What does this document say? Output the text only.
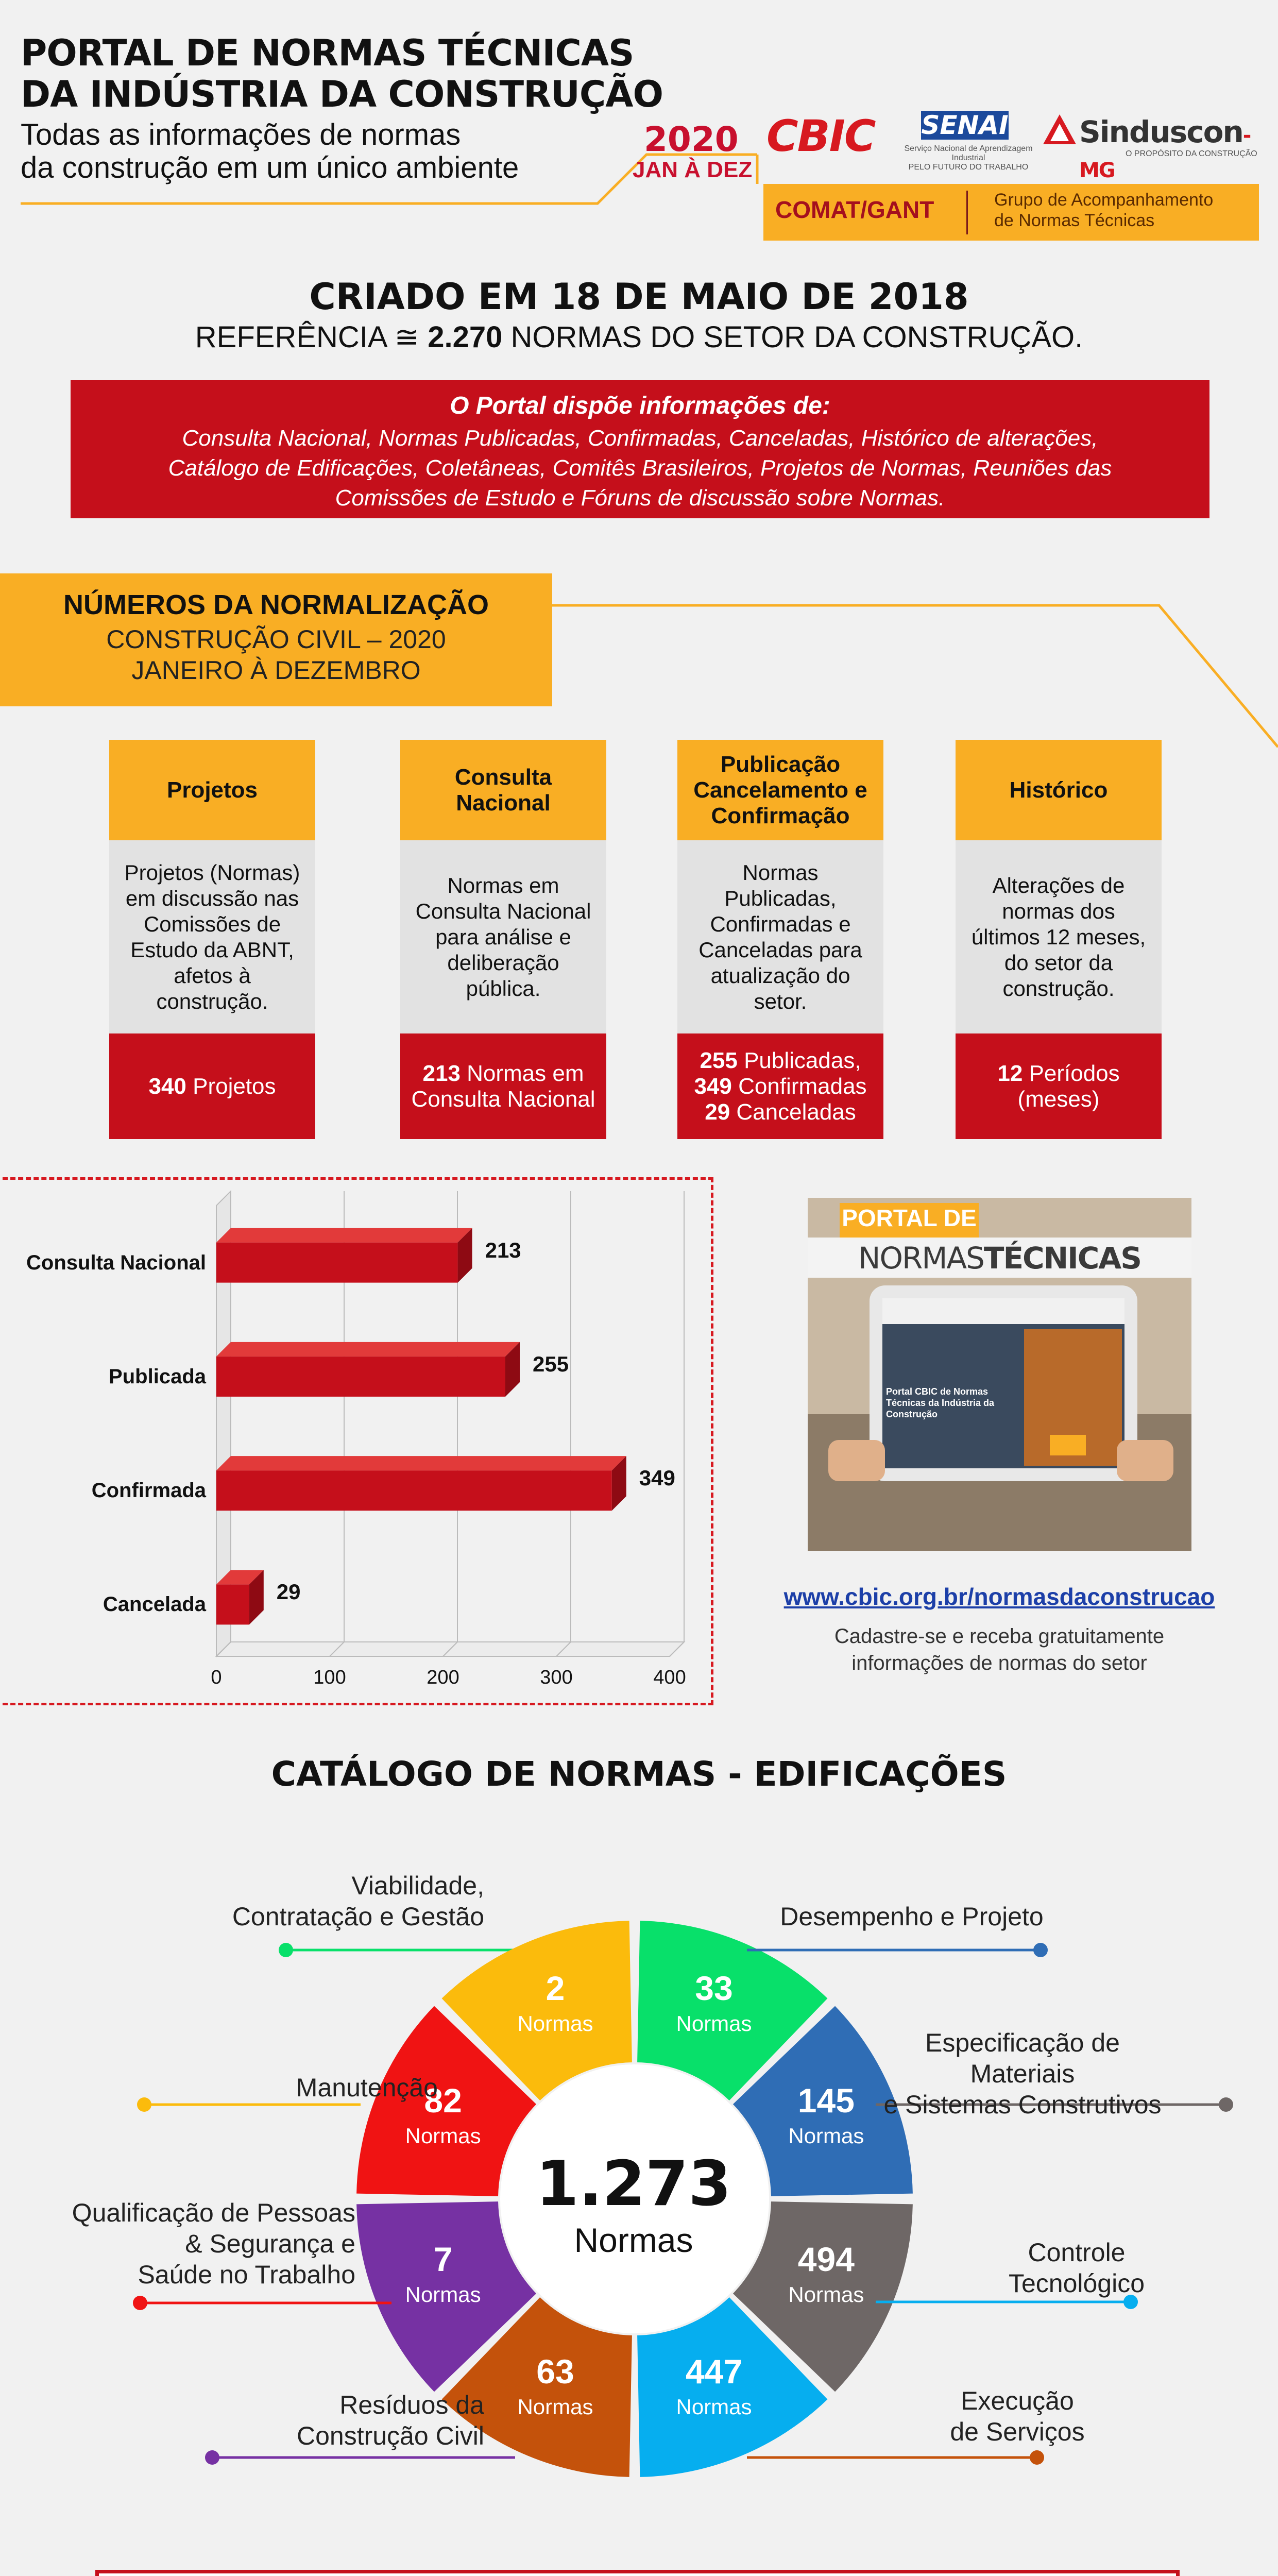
PORTAL DE NORMAS TÉCNICAS
DA INDÚSTRIA DA CONSTRUÇÃO
Todas as informações de normas
da construção em um único ambiente
2020
JAN À DEZ
CBIC SENAI
Serviço Nacional de Aprendizagem Industrial
PELO FUTURO DO TRABALHO
Sinduscon-MG
O PROPÓSITO DA CONSTRUÇÃO
COMAT/GANT	Grupo de Acompanhamento
de Normas Técnicas
CRIADO EM 18 DE MAIO DE 2018
REFERÊNCIA ≅ 2.270 NORMAS DO SETOR DA CONSTRUÇÃO.
O Portal dispõe informações de:
Consulta Nacional, Normas Publicadas, Confirmadas, Canceladas, Histórico de alterações,
Catálogo de Edificações, Coletâneas, Comitês Brasileiros, Projetos de Normas, Reuniões das
Comissões de Estudo e Fóruns de discussão sobre Normas.
NÚMEROS DA NORMALIZAÇÃO
CONSTRUÇÃO CIVIL – 2020
JANEIRO À DEZEMBRO
Projetos
Projetos (Normas) em discussão nas Comissões de Estudo da ABNT, afetos à construção.
340 Projetos
Consulta Nacional
Normas em Consulta Nacional para análise e deliberação pública.
213 Normas em Consulta Nacional
Publicação Cancelamento e Confirmação
Normas Publicadas, Confirmadas e Canceladas para atualização do setor.
255 Publicadas,
349 Confirmadas
29 Canceladas
Histórico
Alterações de normas dos últimos 12 meses, do setor da construção.
12 Períodos (meses)
0	100	200	300	400
Consulta Nacional
213
Publicada
255
Confirmada
349
Cancelada
29
PORTAL DE
NORMASTÉCNICAS
Portal CBIC de Normas Técnicas da Indústria da Construção
www.cbic.org.br/normasdaconstrucao
Cadastre-se e receba gratuitamente
informações de normas do setor
CATÁLOGO DE NORMAS - EDIFICAÇÕES
33
Normas
Viabilidade,
Contratação e Gestão
145
Normas
Desempenho e Projeto
494
Normas
Especificação de Materiais
e Sistemas Construtivos
447
Normas
Controle
Tecnológico
63
Normas	Execução
de Serviços
7
Normas
Resíduos da
Construção Civil
82
Normas
Qualificação de Pessoas
& Segurança e
Saúde no Trabalho
2
Normas
Manutenção
1.273
Normas
